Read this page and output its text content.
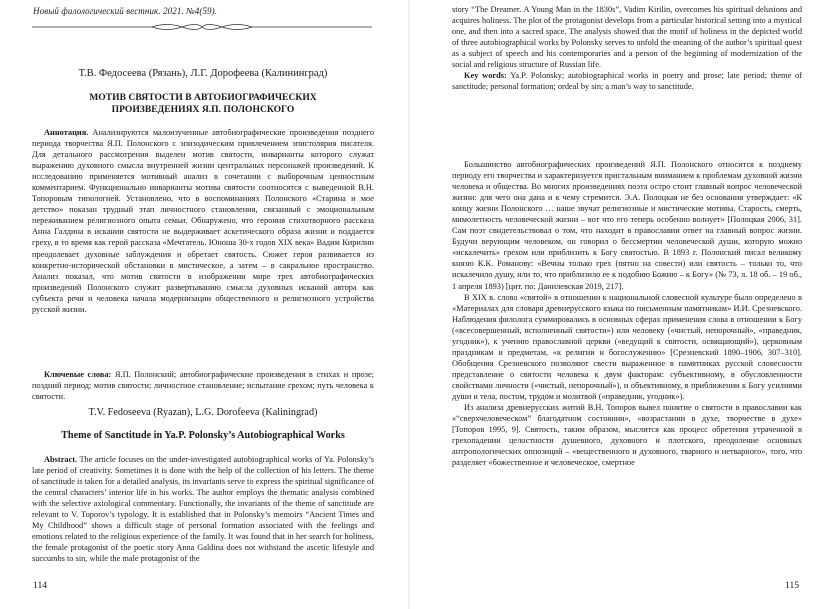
Новый филологический вестник. 2021. №4(59).
Т.В. Федосеева (Рязань), Л.Г. Дорофеева (Калининград)
МОТИВ СВЯТОСТИ В АВТОБИОГРАФИЧЕСКИХ
ПРОИЗВЕДЕНИЯХ Я.П. ПОЛОНСКОГО

Аннотация. Анализируются малоизученные автобиографические произведения позднего периода творчества Я.П. Полонского с эпизодическим привлечением эпистолярия писателя. Для детального рассмотрения выделен мотив святости, инварианты которого служат выражению духовного смысла внутренней жизни центральных персонажей произведений. К исследованию применяется мотивный анализ в сочетании с выборочным ценностным комментарием. Функционально инварианты мотива святости соотносятся с выведенной В.Н. Топоровым типологией. Установлено, что в воспоминаниях Полонского «Старина и мое детство» показан трудный этап личностного становления, связанный с эмоциональным переживанием религиозного опыта семьи. Обнаружено, что героиня стихотворного рассказа Анна Галдина в искании святости не выдерживает аскетического образа жизни и поддается греху, в то время как герой рассказа «Мечтатель. Юноша 30-х годов XIX века» Вадим Кирилин преодолевает духовные заблуждения и обретает святость. Сюжет героя развивается из конкретно-исторической обстановки в мистическое, а затем – в сакральное пространство. Анализ показал, что мотив святости в изображении мире трех автобиографических произведений Полонского служит развертыванию смысла духовных исканий автора как субъекта речи и человека начала модернизации общественного и религиозного устройства русской жизни.

Ключевые слова: Я.П. Полонский; автобиографические произведения в стихах и прозе; поздний период; мотив святости; личностное становление; испытание грехом; путь человека к святости.

T.V. Fedoseeva (Ryazan), L.G. Dorofeeva (Kaliningrad)
Theme of Sanctitude in Ya.P. Polonsky’s Autobiographical Works

Abstract. The article focuses on the under-investigated autobiographical works of Ya. Polonsky’s late period of creativity. Sometimes it is done with the help of the collection of his letters. The theme of sanctitude is taken for a detailed analysis, its invariants serve to express the spiritual significance of the central characters’ interior life in his works. The author employs the thematic analysis combined with the selective axiological commentary. Functionally, the invariants of the theme of sanctitude are relevant to V. Toporov’s typology. It is established that in Polonsky’s memoirs “Ancient Times and My Childhood” shows a difficult stage of personal formation associated with the feelings and emotions related to the religious experience of the family. It was found that in her search for holiness, the female protagonist of the poetic story Anna Galdina does not withstand the ascetic lifestyle and succumbs to sin, while the male protagonist of the

114

story “The Dreamer. A Young Man in the 1830s”, Vadim Kirilin, overcomes his spiritual delusions and acquires holiness. The plot of the protagonist develops from a particular historical setting into a mystical one, and then into a sacred space. The analysis showed that the motif of holiness in the depicted world of three autobiographical works by Polonsky serves to unfold the meaning of the author’s spiritual quest as a subject of speech and his contemporaries and a person of the beginning of modernization of the social and religious structure of Russian life.

Key words: Ya.P. Polonsky; autobiographical works in poetry and prose; late period; theme of sanctitude; personal formation; ordeal by sin; a man’s way to sanctitude.

Большинство автобиографических произведений Я.П. Полонского относится к позднему периоду его творчества и характеризуется пристальным вниманием к проблемам духовной жизни человека и общества. Во многих произведениях поэта остро стоит главный вопрос человеческой жизни: для чего она дана и к чему стремится. Э.А. Полоцкая не без основания утверждает: «К концу жизни Полонского … наше звучат религиозные и мистические мотивы. Старость, смерть, мимолетность человеческой жизни – вот что его теперь особенно волнует» [Полоцкая 2006, 31]. Сам поэт свидетельствовал о том, что находит в православии ответ на главный вопрос жизни. Будучи верующим человеком, он говорил о бессмертии человеческой души, которую можно «искалечить» грехом или приблизить к Богу святостью. В 1893 г. Полонский писал великому князю К.К. Романову: «Вечны только грех (пятно на совести) или святость – только то, что искалечило душу, или то, что приблизило ее к подобию Божию – к Богу» (№ 73, л. 18 об. – 19 об., 1 апреля 1893) [цит. по: Данилевская 2019, 217].

В XIX в. слово «святой» в отношении к национальной словесной культуре было определено в «Материалах для словаря древнерусского языка по письменным памятникам» И.И. Срезневского. Наблюдения филолога суммировались в основных сферах применения слова в отношении к Богу («всесовершенный, исполненный святости») или человеку («чистый, непорочный», «праведник, угодник»), к учению православной церкви («ведущий к святости, освящающий»), церковным праздникам и предметам, «к религии и богослужению» [Срезневский 1890–1906, 307–310]. Обобщения Срезневского позволяют свести выраженное в памятниках русской словесности представление о святости человека к двум факторам: субъективному, в обусловленности свойствами личности («чистый, непорочный»), и объективному, в приближении к Богу усилиями души и тела, постом, трудом и молитвой («праведник, угодник»).

Из анализа древнерусских житий В.Н. Топоров вывел понятие о святости в православии как «“сверхчеловеческом” благодатном состоянии», «возрастании в духе, творчестве в духе» [Топоров 1995, 9]. Святость, таким образом, мыслится как процесс обретения утраченной в грехопадении целостности душевного, духовного и плотского, преодоление основных антропологических оппозиций – «вещественного и духовного, тварного и нетварного», того, что разделяет «божественное и человеческое, смертное

115
